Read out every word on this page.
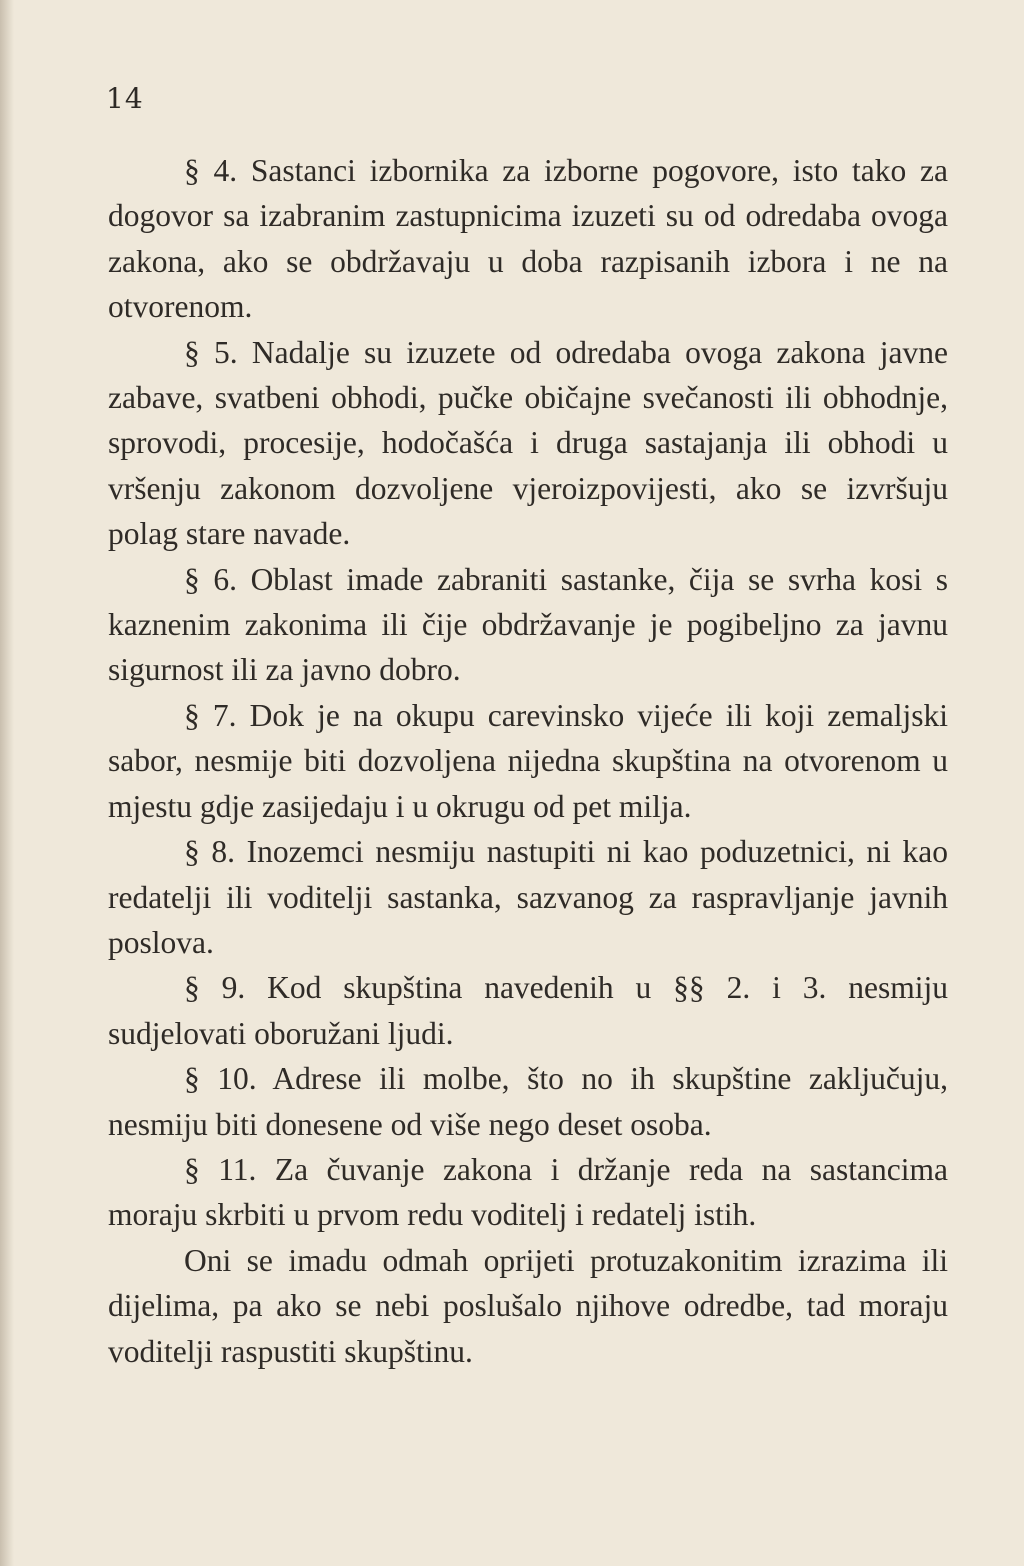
14

§ 4. Sastanci izbornika za izborne pogovore, isto tako za dogovor sa izabranim zastupnicima izuzeti su od odredaba ovoga zakona, ako se obdržavaju u doba razpisanih izbora i ne na otvorenom.

§ 5. Nadalje su izuzete od odredaba ovoga zakona javne zabave, svatbeni obhodi, pučke običajne svečanosti ili obhodnje, sprovodi, procesije, hodočašća i druga sastajanja ili obhodi u vršenju zakonom dozvoljene vjeroizpovijesti, ako se izvršuju polag stare navade.

§ 6. Oblast imade zabraniti sastanke, čija se svrha kosi s kaznenim zakonima ili čije obdržavanje je pogibeljno za javnu sigurnost ili za javno dobro.

§ 7. Dok je na okupu carevinsko vijeće ili koji zemaljski sabor, nesmije biti dozvoljena nijedna skupština na otvorenom u mjestu gdje zasijedaju i u okrugu od pet milja.

§ 8. Inozemci nesmiju nastupiti ni kao poduzetnici, ni kao redatelji ili voditelji sastanka, sazvanog za raspravljanje javnih poslova.

§ 9. Kod skupština navedenih u §§ 2. i 3. nesmiju sudjelovati oboružani ljudi.

§ 10. Adrese ili molbe, što no ih skupštine zaključuju, nesmiju biti donesene od više nego deset osoba.

§ 11. Za čuvanje zakona i držanje reda na sastancima moraju skrbiti u prvom redu voditelj i redatelj istih.

Oni se imadu odmah oprijeti protuzakonitim izrazima ili dijelima, pa ako se nebi poslušalo njihove odredbe, tad moraju voditelji raspustiti skupštinu.
